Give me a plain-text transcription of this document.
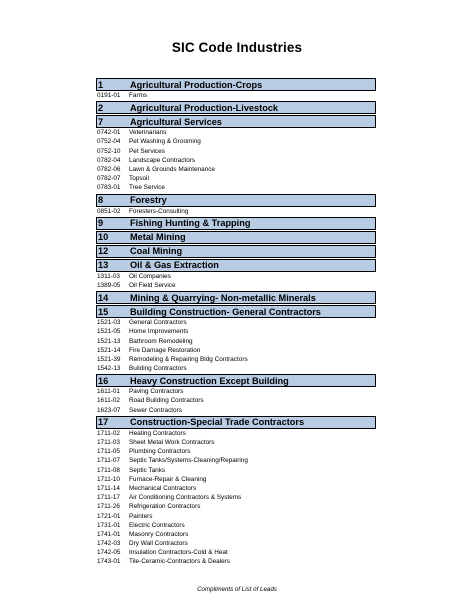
SIC Code Industries
1	Agricultural Production-Crops
0191-01	Farms
2	Agricultural Production-Livestock
7	Agricultural Services
0742-01	Veterinarians
0752-04	Pet Washing & Grooming
0752-10	Pet Services
0782-04	Landscape Contractors
0782-06	Lawn & Grounds Maintenance
0782-07	Topsoil
0783-01	Tree Service
8	Forestry
0851-02	Foresters-Consulting
9	Fishing Hunting & Trapping
10	Metal Mining
12	Coal Mining
13	Oil & Gas Extraction
1311-03	Oil Companies
1389-05	Oil Field Service
14	Mining & Quarrying- Non-metallic Minerals
15	Building Construction- General Contractors
1521-03	General Contractors
1521-05	Home Improvements
1521-13	Bathroom Remodeling
1521-14	Fire Damage Restoration
1521-39	Remodeling & Repairing Bldg Contractors
1542-13	Building Contractors
16	Heavy Construction Except Building
1611-01	Paving Contractors
1611-02	Road Building Contractors
1623-07	Sewer Contractors
17	Construction-Special Trade Contractors
1711-02	Heating Contractors
1711-03	Sheet Metal Work Contractors
1711-05	Plumbing Contractors
1711-07	Septic Tanks/Systems-Cleaning/Repairing
1711-08	Septic Tanks
1711-10	Furnace-Repair & Cleaning
1711-14	Mechanical Contractors
1711-17	Air Conditioning Contractors & Systems
1711-26	Refrigeration Contractors
1721-01	Painters
1731-01	Electric Contractors
1741-01	Masonry Contractors
1742-03	Dry Wall Contractors
1742-05	Insulation Contractors-Cold & Heat
1743-01	Tile-Ceramic-Contractors & Dealers
Compliments of List of Leads
